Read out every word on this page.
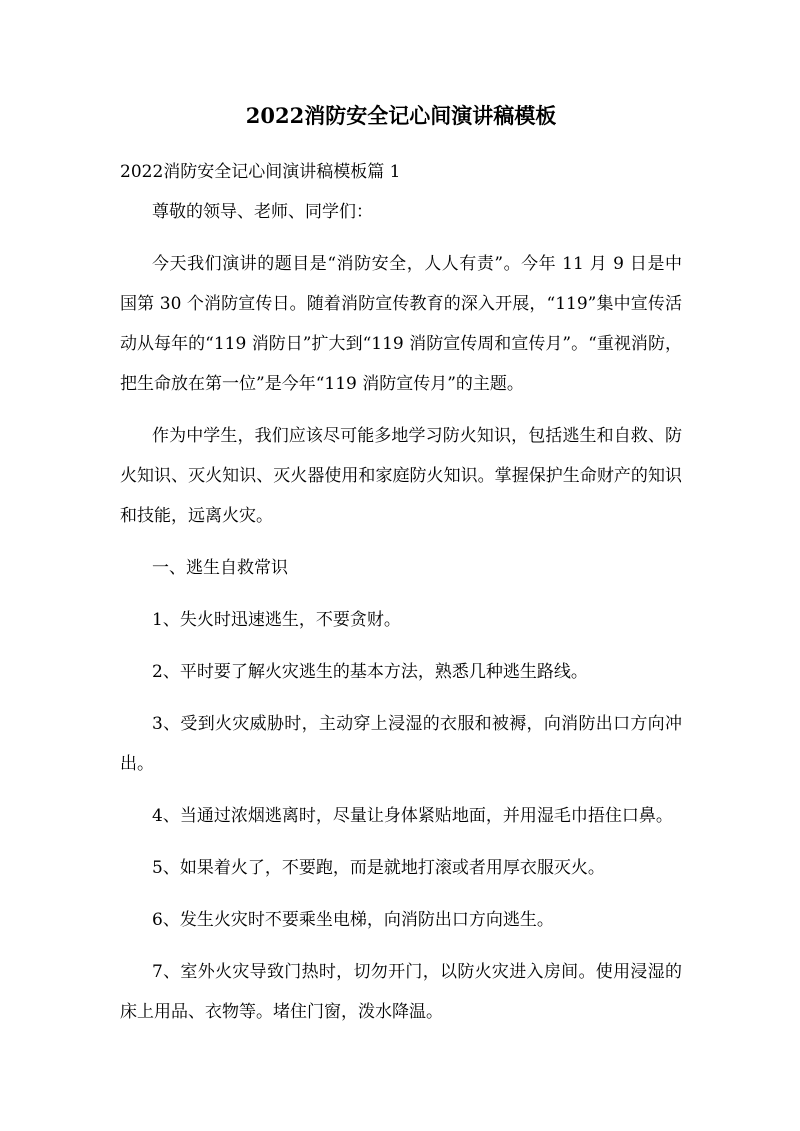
2022消防安全记心间演讲稿模板
2022消防安全记心间演讲稿模板篇 1

尊敬的领导、老师、同学们：

今天我们演讲的题目是“消防安全，人人有责”。今年 11 月 9 日是中国第 30 个消防宣传日。随着消防宣传教育的深入开展，“119”集中宣传活动从每年的“119 消防日”扩大到“119 消防宣传周和宣传月”。“重视消防，把生命放在第一位”是今年“119 消防宣传月”的主题。

作为中学生，我们应该尽可能多地学习防火知识，包括逃生和自救、防火知识、灭火知识、灭火器使用和家庭防火知识。掌握保护生命财产的知识和技能，远离火灾。

一、逃生自救常识

1、失火时迅速逃生，不要贪财。

2、平时要了解火灾逃生的基本方法，熟悉几种逃生路线。

3、受到火灾威胁时，主动穿上浸湿的衣服和被褥，向消防出口方向冲出。

4、当通过浓烟逃离时，尽量让身体紧贴地面，并用湿毛巾捂住口鼻。

5、如果着火了，不要跑，而是就地打滚或者用厚衣服灭火。

6、发生火灾时不要乘坐电梯，向消防出口方向逃生。

7、室外火灾导致门热时，切勿开门，以防火灾进入房间。使用浸湿的床上用品、衣物等。堵住门窗，泼水降温。
